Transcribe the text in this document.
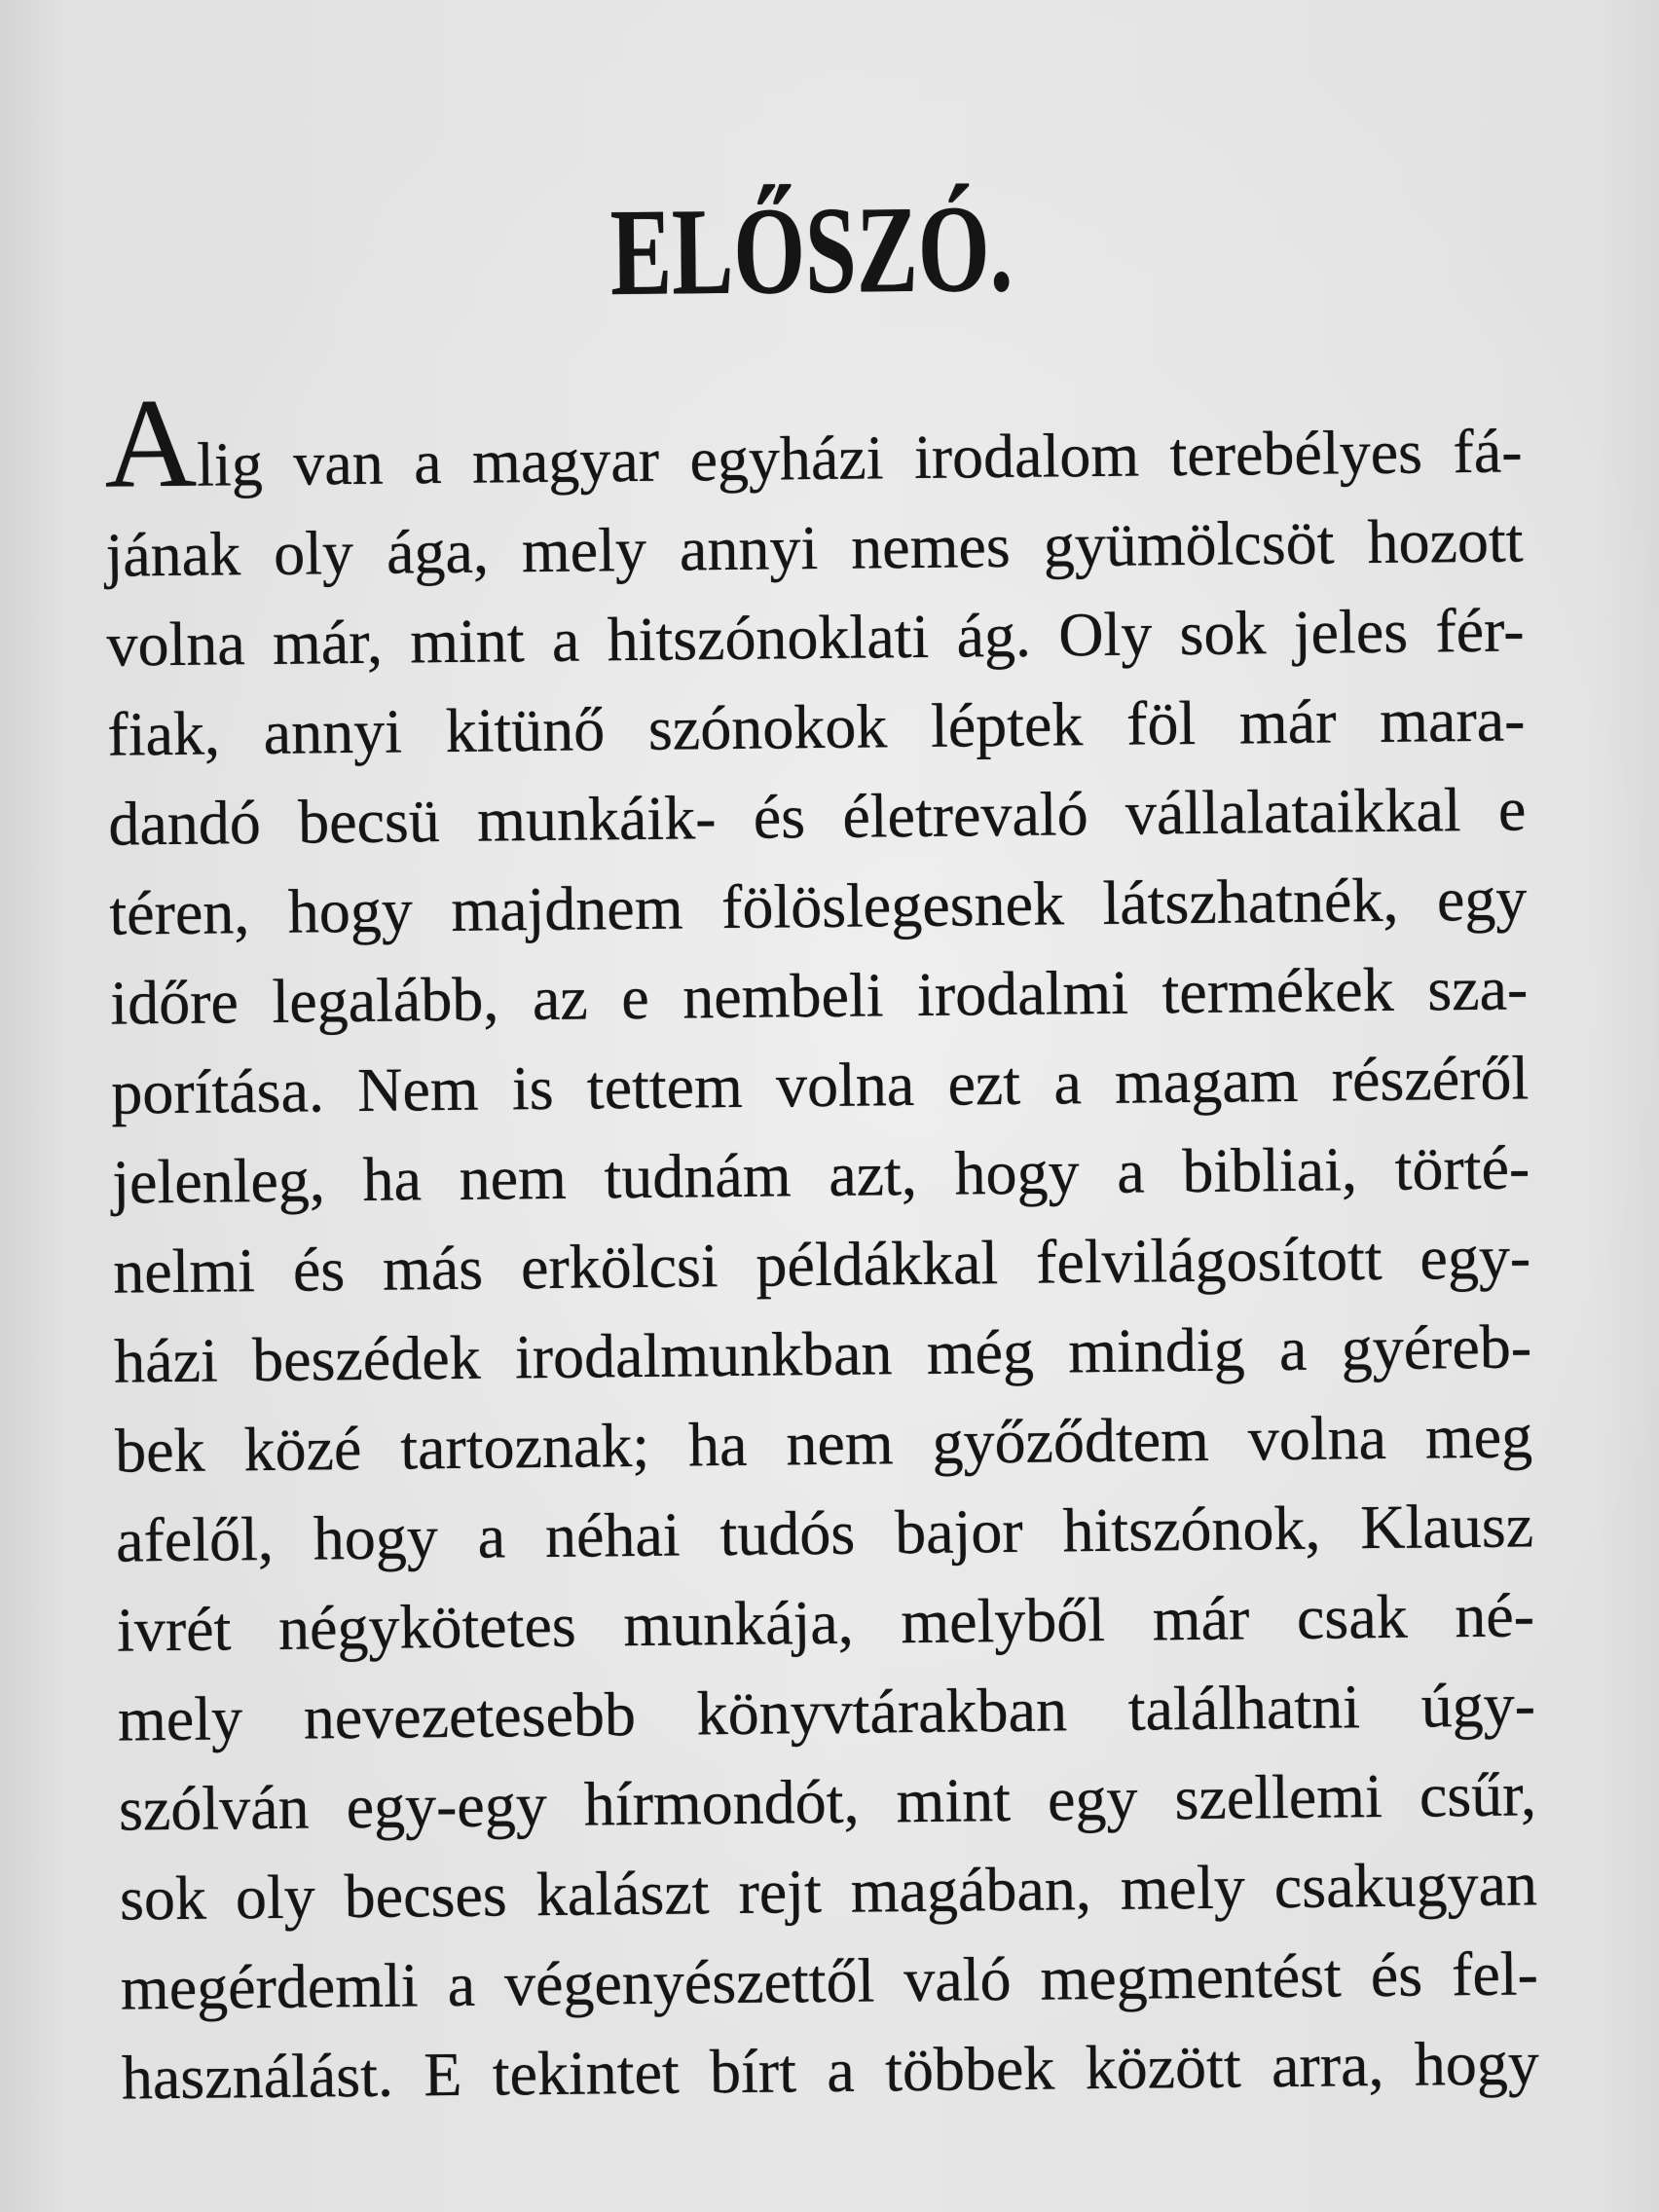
ELŐSZÓ.
Alig van a magyar egyházi irodalom terebélyes fá-
jának oly ága, mely annyi nemes gyümölcsöt hozott
volna már, mint a hitszónoklati ág. Oly sok jeles fér-
fiak, annyi kitünő szónokok léptek föl már mara-
dandó becsü munkáik- és életrevaló vállalataikkal e
téren, hogy majdnem fölöslegesnek látszhatnék, egy
időre legalább, az e nembeli irodalmi termékek sza-
porítása. Nem is tettem volna ezt a magam részéről
jelenleg, ha nem tudnám azt, hogy a bibliai, törté-
nelmi és más erkölcsi példákkal felvilágosított egy-
házi beszédek irodalmunkban még mindig a gyéreb-
bek közé tartoznak; ha nem győződtem volna meg
afelől, hogy a néhai tudós bajor hitszónok, Klausz
ivrét négykötetes munkája, melyből már csak né-
mely nevezetesebb könyvtárakban találhatni úgy-
szólván egy-egy hírmondót, mint egy szellemi csűr,
sok oly becses kalászt rejt magában, mely csakugyan
megérdemli a végenyészettől való megmentést és fel-
használást. E tekintet bírt a többek között arra, hogy
